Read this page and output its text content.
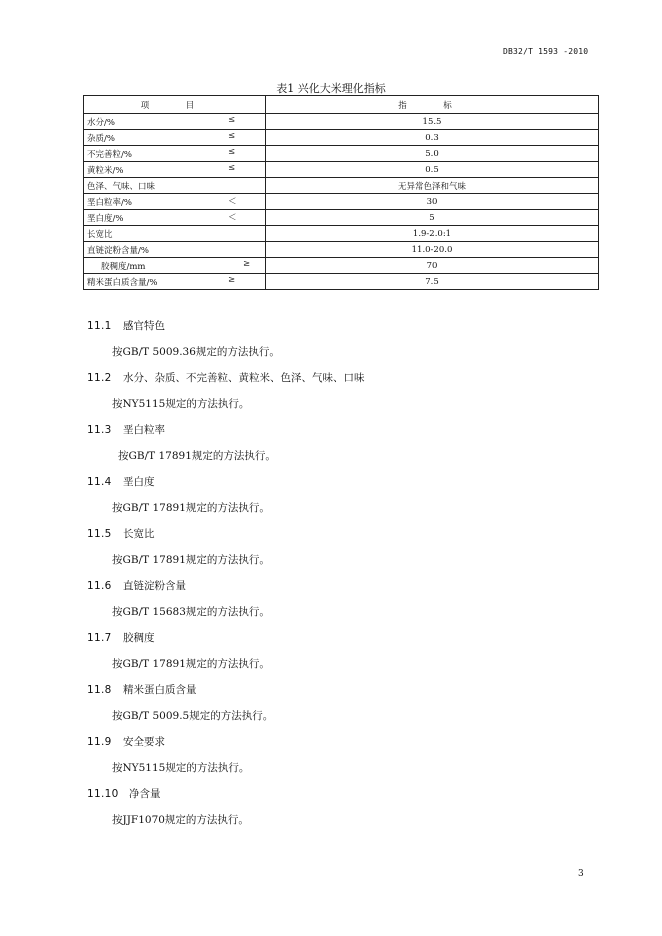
DB32/T 1593 -2010
表1 兴化大米理化指标
项　目	指　标
水分/% ≤	15.5
杂质/% ≤	0.3
不完善粒/% ≤	5.0
黄粒米/% ≤	0.5
色泽、气味、口味	无异常色泽和气味
垩白粒率/% ＜	30
垩白度/% ＜	5
长宽比	1.9-2.0:1
直链淀粉含量/%	11.0-20.0
胶稠度/mm ≥	70
精米蛋白质含量/% ≥	7.5
11.1 感官特色
按GB/T 5009.36规定的方法执行。
11.2 水分、杂质、不完善粒、黄粒米、色泽、气味、口味
按NY5115规定的方法执行。
11.3 垩白粒率
按GB/T 17891规定的方法执行。
11.4 垩白度
按GB/T 17891规定的方法执行。
11.5 长宽比
按GB/T 17891规定的方法执行。
11.6 直链淀粉含量
按GB/T 15683规定的方法执行。
11.7 胶稠度
按GB/T 17891规定的方法执行。
11.8 精米蛋白质含量
按GB/T 5009.5规定的方法执行。
11.9 安全要求
按NY5115规定的方法执行。
11.10 净含量
按JJF1070规定的方法执行。
3
